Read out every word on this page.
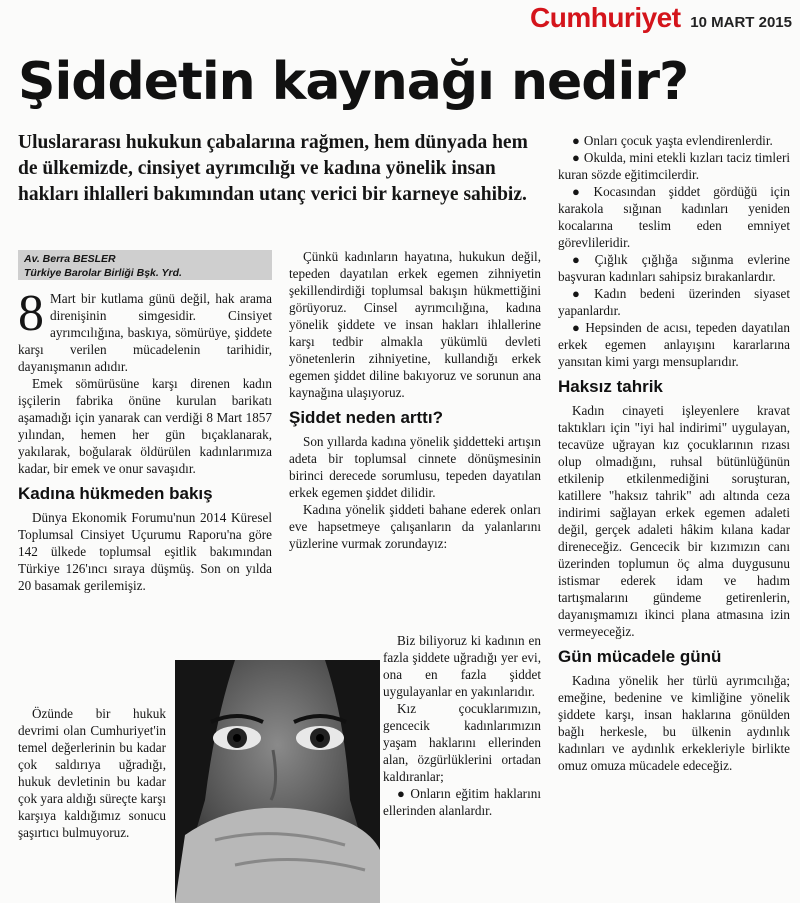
Cumhuriyet 10 MART 2015
Şiddetin kaynağı nedir?
Uluslararası hukukun çabalarına rağmen, hem dünyada hem de ülkemizde, cinsiyet ayrımcılığı ve kadına yönelik insan hakları ihlalleri bakımından utanç verici bir karneye sahibiz.
Av. Berra BESLER
Türkiye Barolar Birliği Bşk. Yrd.

8 Mart bir kutlama günü değil, hak arama direnişinin simgesidir. Cinsiyet ayrımcılığına, baskıya, sömürüye, şiddete karşı verilen mücadelenin tarihidir, dayanışmanın adıdır.

Emek sömürüsüne karşı direnen kadın işçilerin fabrika önüne kurulan barikatı aşamadığı için yanarak can verdiği 8 Mart 1857 yılından, hemen her gün bıçaklanarak, yakılarak, boğularak öldürülen kadınlarımıza kadar, bir emek ve onur savaşıdır.

Kadına hükmeden bakış

Dünya Ekonomik Forumu'nun 2014 Küresel Toplumsal Cinsiyet Uçurumu Raporu'na göre 142 ülkede toplumsal eşitlik bakımından Türkiye 126'ıncı sıraya düşmüş. Son on yılda 20 basamak gerilemişiz.

Özünde bir hukuk devrimi olan Cumhuriyet'in temel değerlerinin bu kadar çok saldırıya uğradığı, hukuk devletinin bu kadar çok yara aldığı süreçte karşı karşıya kaldığımız sonucu şaşırtıcı bulmuyoruz.

Çünkü kadınların hayatına, hukukun değil, tepeden dayatılan erkek egemen zihniyetin şekillendirdiği toplumsal bakışın hükmettiğini görüyoruz. Cinsel ayrımcılığına, kadına yönelik şiddete ve insan hakları ihlallerine karşı tedbir almakla yükümlü devleti yönetenlerin zihniyetine, kullandığı erkek egemen şiddet diline bakıyoruz ve sorunun ana kaynağına ulaşıyoruz.

Şiddet neden arttı?

Son yıllarda kadına yönelik şiddetteki artışın adeta bir toplumsal cinnete dönüşmesinin birinci derecede sorumlusu, tepeden dayatılan erkek egemen şiddet dilidir.

Kadına yönelik şiddeti bahane ederek onları eve hapsetmeye çalışanların da yalanlarını yüzlerine vurmak zorundayız:

Biz biliyoruz ki kadının en fazla şiddete uğradığı yer evi, ona en fazla şiddet uygulayanlar en yakınlarıdır.

Kız çocuklarımızın, gencecik kadınlarımızın yaşam haklarını ellerinden alan, özgürlüklerini ortadan kaldıranlar;

● Onların eğitim haklarını ellerinden alanlardır.

● Onları çocuk yaşta evlendirenlerdir.

● Okulda, mini etekli kızları taciz timleri kuran sözde eğitimcilerdir.

● Kocasından şiddet gördüğü için karakola sığınan kadınları yeniden kocalarına teslim eden emniyet görevlileridir.

● Çığlık çığlığa sığınma evlerine başvuran kadınları sahipsiz bırakanlardır.

● Kadın bedeni üzerinden siyaset yapanlardır.

● Hepsinden de acısı, tepeden dayatılan erkek egemen anlayışını kararlarına yansıtan kimi yargı mensuplarıdır.

Haksız tahrik

Kadın cinayeti işleyenlere kravat taktıkları için "iyi hal indirimi" uygulayan, tecavüze uğrayan kız çocuklarının rızası olup olmadığını, ruhsal bütünlüğünün etkilenip etkilenmediğini soruşturan, katillere "haksız tahrik" adı altında ceza indirimi sağlayan erkek egemen adaleti değil, gerçek adaleti hâkim kılana kadar direneceğiz. Gencecik bir kızımızın canı üzerinden toplumun öç alma duygusunu istismar ederek idam ve hadım tartışmalarını gündeme getirenlerin, dayanışmamızı ikinci plana atmasına izin vermeyeceğiz.

Gün mücadele günü

Kadına yönelik her türlü ayrımcılığa; emeğine, bedenine ve kimliğine yönelik şiddete karşı, insan haklarına gönülden bağlı herkesle, bu ülkenin aydınlık kadınları ve aydınlık erkekleriyle birlikte omuz omuza mücadele edeceğiz.
